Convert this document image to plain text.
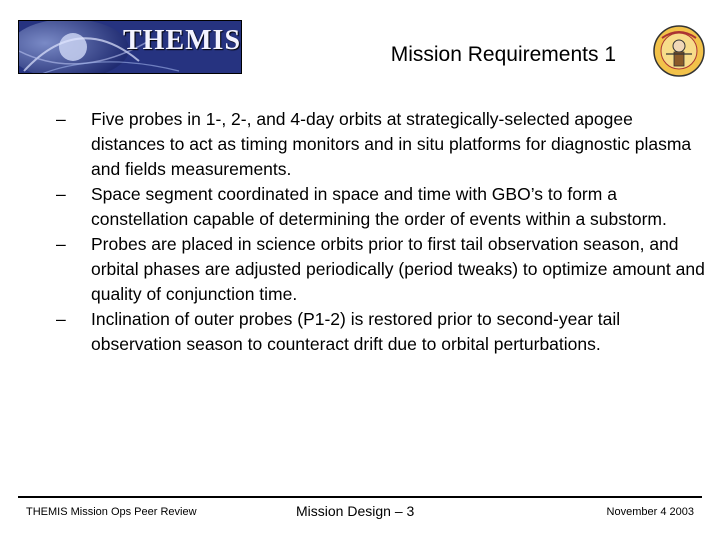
THEMIS	Mission Requirements 1
–	Five probes in 1-, 2-, and 4-day orbits at strategically-selected apogee distances to act as timing monitors and in situ platforms for diagnostic plasma and fields measurements.
–	Space segment coordinated in space and time with GBO’s to form a constellation capable of determining the order of events within a substorm.
–	Probes are placed in science orbits prior to first tail observation season, and orbital phases are adjusted periodically (period tweaks) to optimize amount and quality of conjunction time.
–	Inclination of outer probes (P1-2) is restored prior to second-year tail observation season to counteract drift due to orbital perturbations.
THEMIS Mission Ops Peer Review	Mission Design – 3	November 4 2003
